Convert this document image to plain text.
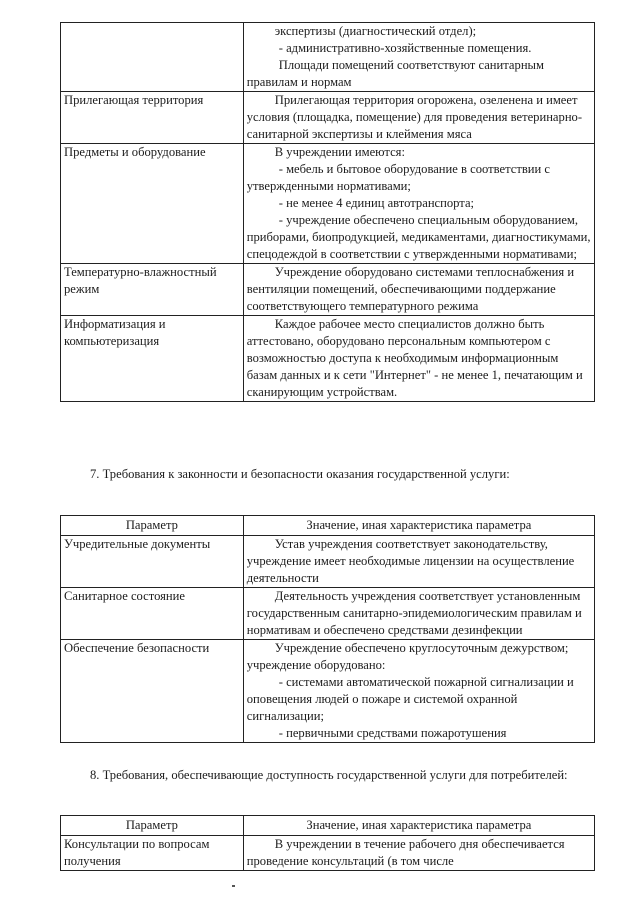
	экспертизы (диагностический отдел);

- административно-хозяйственные помещения.

Площади помещений соответствуют санитарным правилам и нормам

Прилегающая территория	Прилегающая территория огорожена, озеленена и имеет условия (площадка, помещение) для проведения ветеринарно-санитарной экспертизы и клеймения мяса

Предметы и оборудование	В учреждении имеются:

- мебель и бытовое оборудование в соответствии с утвержденными нормативами;

- не менее 4 единиц автотранспорта;

- учреждение обеспечено специальным оборудованием, приборами, биопродукцией, медикаментами, диагностикумами, спецодеждой в соответствии с утвержденными нормативами;

Температурно-влажностный режим	Учреждение оборудовано системами теплоснабжения и вентиляции помещений, обеспечивающими поддержание соответствующего температурного режима

Информатизация и компьютеризация	Каждое рабочее место специалистов должно быть аттестовано, оборудовано персональным компьютером с возможностью доступа к необходимым информационным базам данных и к сети "Интернет" - не менее 1, печатающим и сканирующим устройствам.

7. Требования к законности и безопасности оказания государственной услуги:

Параметр	Значение, иная характеристика параметра
Учредительные документы	Устав учреждения соответствует законодательству, учреждение имеет необходимые лицензии на осуществление деятельности

Санитарное состояние	Деятельность учреждения соответствует установленным государственным санитарно-эпидемиологическим правилам и нормативам и обеспечено средствами дезинфекции

Обеспечение безопасности	Учреждение обеспечено круглосуточным дежурством; учреждение оборудовано:

- системами автоматической пожарной сигнализации и оповещения людей о пожаре и системой охранной сигнализации;

- первичными средствами пожаротушения

8. Требования, обеспечивающие доступность государственной услуги для потребителей:

Параметр	Значение, иная характеристика параметра
Консультации по вопросам получения	В учреждении в течение рабочего дня обеспечивается проведение консультаций (в том числе
